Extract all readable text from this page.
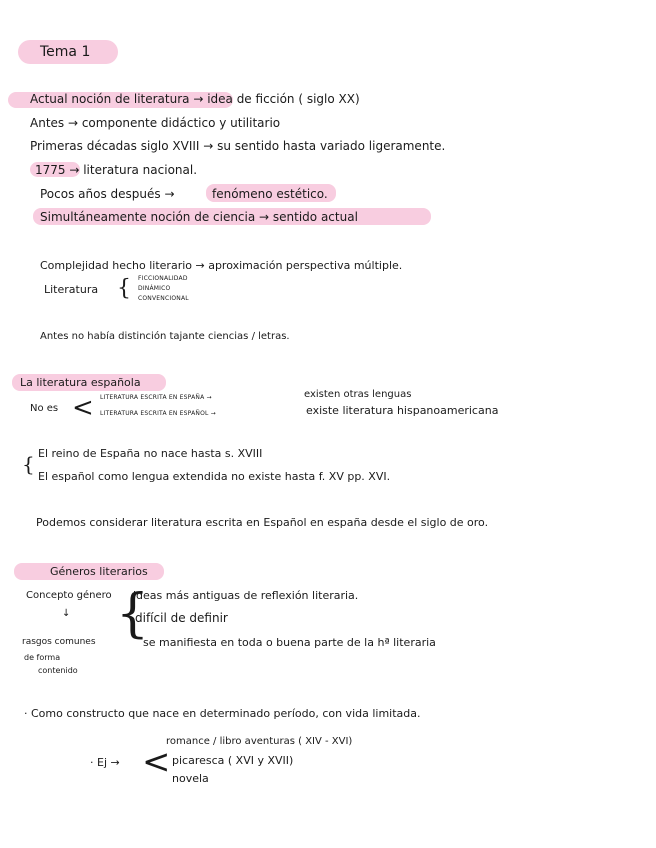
Tema 1
Actual noción de literatura → idea de ficción ( siglo XX)
Antes → componente didáctico y utilitario
Primeras décadas siglo XVIII → su sentido hasta variado ligeramente.
1775 → literatura nacional.
Pocos años después →	fenómeno estético.
Simultáneamente noción de ciencia → sentido actual
Complejidad hecho literario → aproximación perspectiva múltiple.
Literatura { FICCIONALIDAD
DINÁMICO
CONVENCIONAL
Antes no había distinción tajante ciencias / letras.
La literatura española
No es < LITERATURA ESCRITA EN ESPAÑA →	existen otras lenguas
LITERATURA ESCRITA EN ESPAÑOL →	existe literatura hispanoamericana
{ El reino de España no nace hasta s. XVIII
El español como lengua extendida no existe hasta f. XV pp. XVI.
Podemos considerar literatura escrita en Español en españa desde el siglo de oro.
Géneros literarios
Concepto género
↓
rasgos comunes
de forma
contenido
{
ideas más antiguas de reflexión literaria.
difícil de definir
se manifiesta en toda o buena parte de la hª literaria
· Como constructo que nace en determinado período, con vida limitada.
· Ej → <
romance / libro aventuras ( XIV - XVI)
picaresca ( XVI y XVII)
novela
